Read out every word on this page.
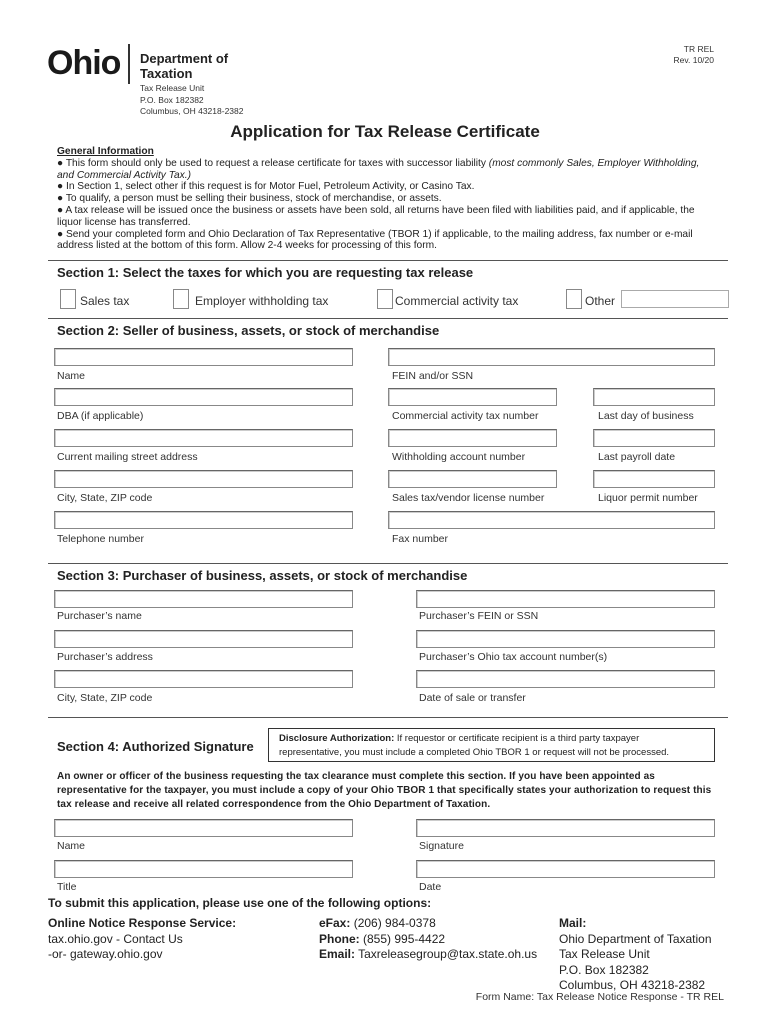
Ohio Department of
Taxation
Tax Release Unit
P.O. Box 182382
Columbus, OH 43218-2382
TR REL
Rev. 10/20
Application for Tax Release Certificate
General Information
● This form should only be used to request a release certificate for taxes with successor liability (most commonly Sales, Employer Withholding, and Commercial Activity Tax.)
● In Section 1, select other if this request is for Motor Fuel, Petroleum Activity, or Casino Tax.
● To qualify, a person must be selling their business, stock of merchandise, or assets.
● A tax release will be issued once the business or assets have been sold, all returns have been filed with liabilities paid, and if applicable, the liquor license has transferred.
● Send your completed form and Ohio Declaration of Tax Representative (TBOR 1) if applicable, to the mailing address, fax number or e-mail address listed at the bottom of this form. Allow 2-4 weeks for processing of this form.
Section 1: Select the taxes for which you are requesting tax release
Sales tax	Employer withholding tax	Commercial activity tax	Other
Section 2: Seller of business, assets, or stock of merchandise
Name	FEIN and/or SSN
DBA (if applicable)	Commercial activity tax number	Last day of business
Current mailing street address	Withholding account number	Last payroll date
City, State, ZIP code	Sales tax/vendor license number	Liquor permit number
Telephone number	Fax number
Section 3: Purchaser of business, assets, or stock of merchandise
Purchaser’s name	Purchaser’s FEIN or SSN
Purchaser’s address	Purchaser’s Ohio tax account number(s)
City, State, ZIP code	Date of sale or transfer
Section 4: Authorized Signature
Disclosure Authorization: If requestor or certificate recipient is a third party taxpayer
representative, you must include a completed Ohio TBOR 1 or request will not be processed.
An owner or officer of the business requesting the tax clearance must complete this section. If you have been appointed as representative for the taxpayer, you must include a copy of your Ohio TBOR 1 that specifically states your authorization to request this tax release and receive all related correspondence from the Ohio Department of Taxation.
Name	Signature
Title	Date
To submit this application, please use one of the following options:
Online Notice Response Service:
tax.ohio.gov - Contact Us
-or- gateway.ohio.gov
eFax: (206) 984-0378
Phone: (855) 995-4422
Email: Taxreleasegroup@tax.state.oh.us
Mail:
Ohio Department of Taxation
Tax Release Unit
P.O. Box 182382
Columbus, OH 43218-2382
Form Name: Tax Release Notice Response - TR REL
